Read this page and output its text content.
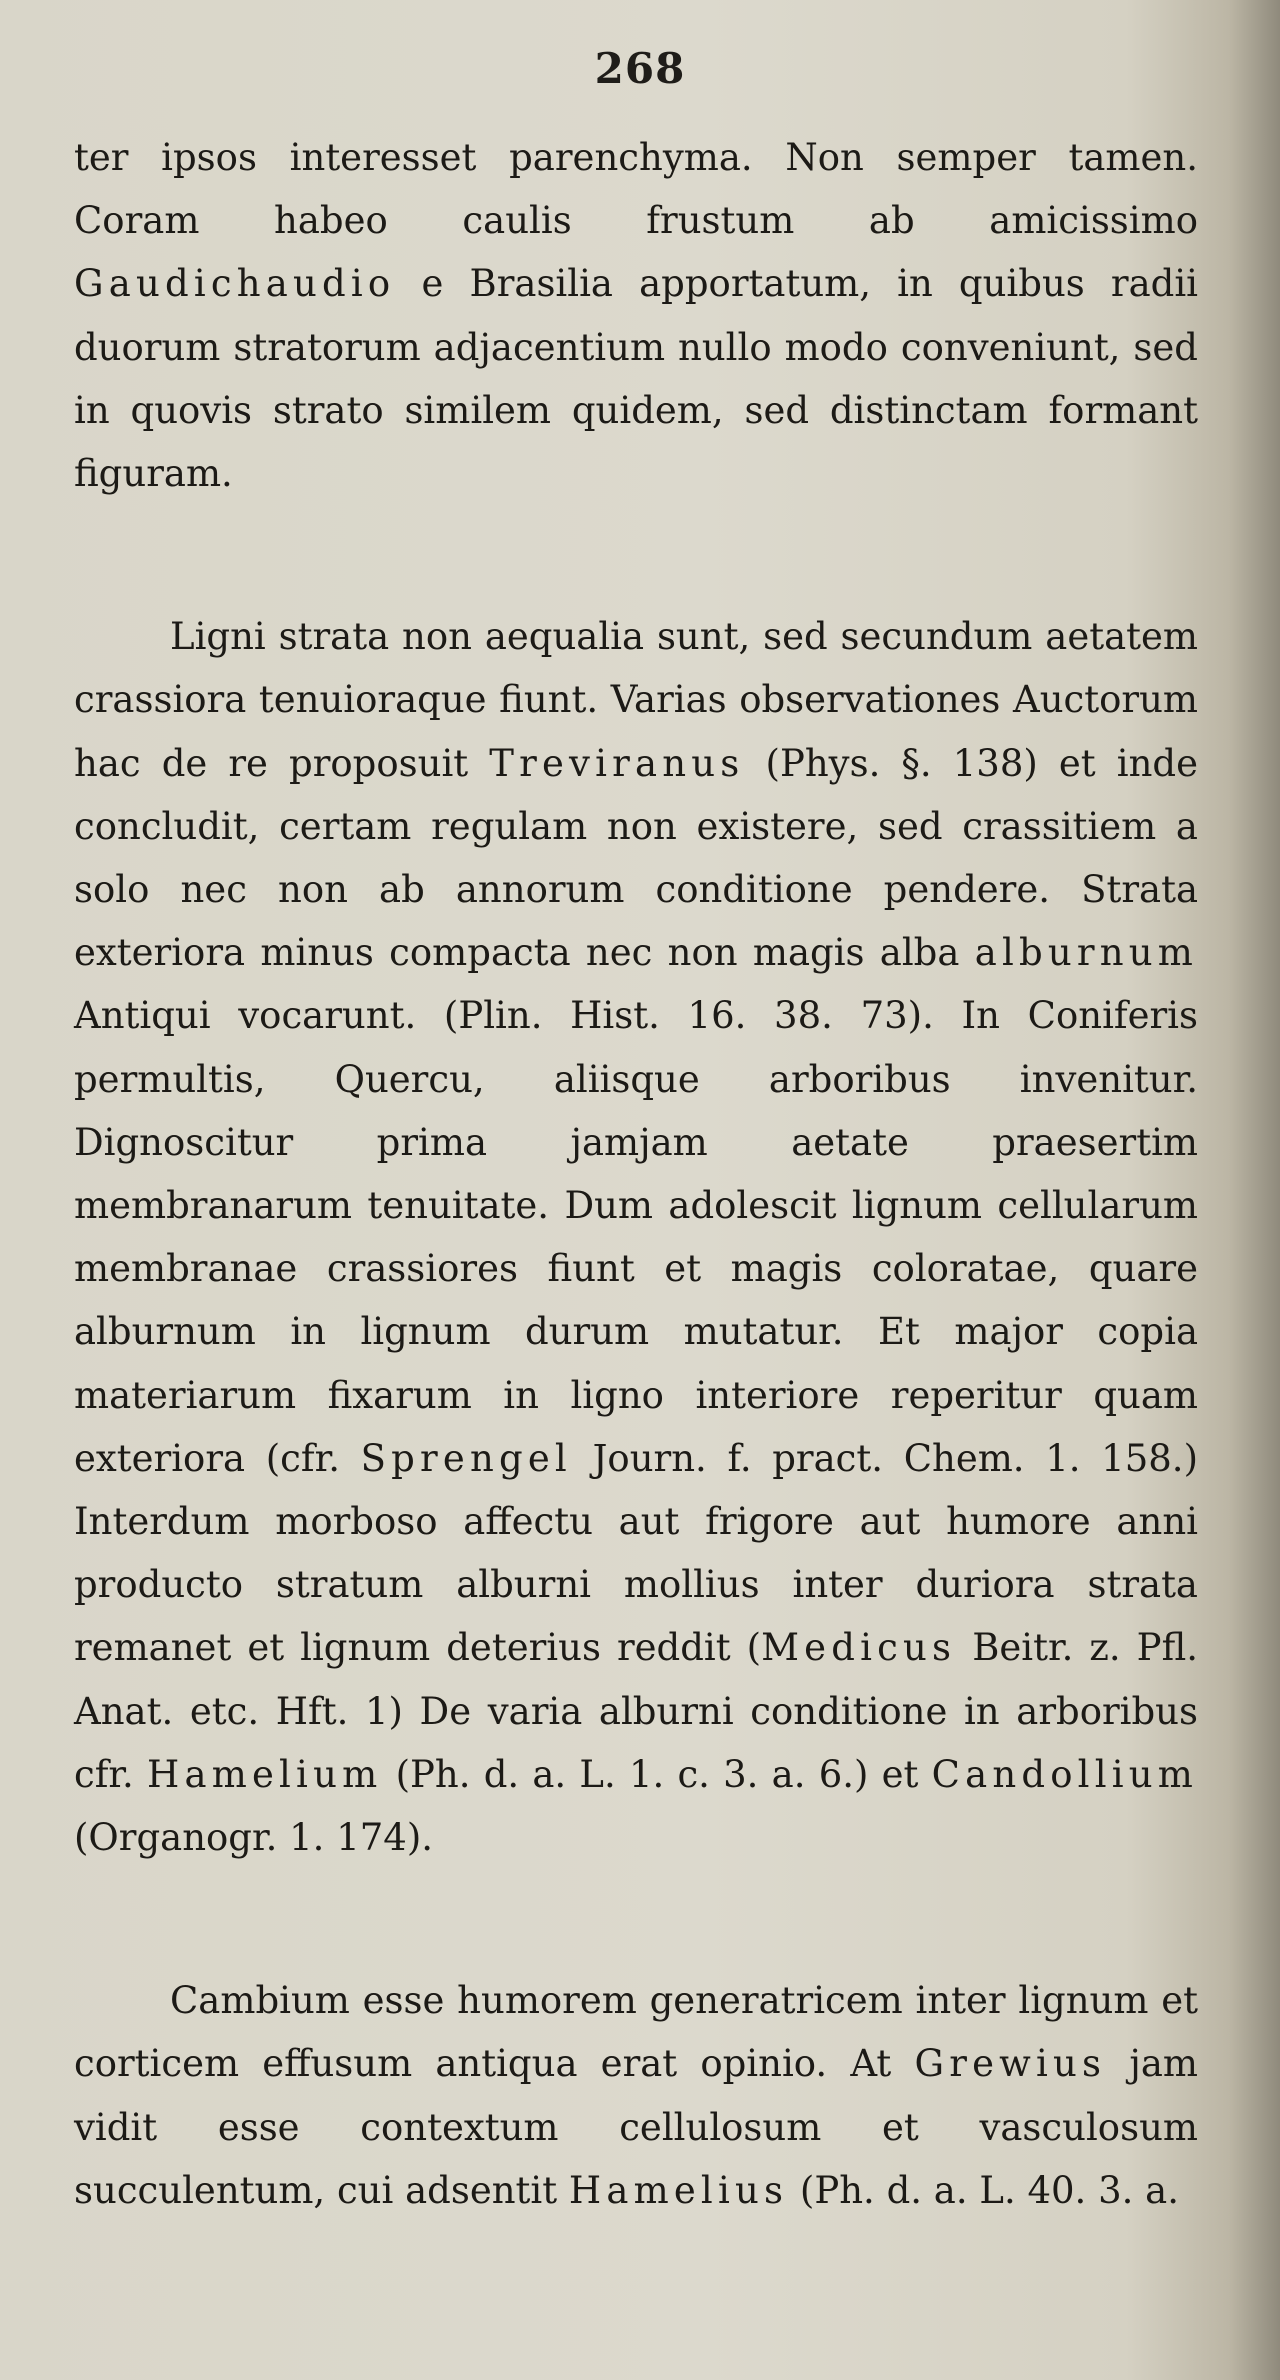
268

ter ipsos interesset parenchyma. Non semper tamen. Coram habeo caulis frustum ab amicissimo Gaudichaudio e Brasilia apportatum, in quibus radii duorum stratorum adjacentium nullo modo conveniunt, sed in quovis strato similem quidem, sed distinctam formant figuram.

Ligni strata non aequalia sunt, sed secundum aetatem crassiora tenuioraque fiunt. Varias observationes Auctorum hac de re proposuit Treviranus (Phys. §. 138) et inde concludit, certam regulam non existere, sed crassitiem a solo nec non ab annorum conditione pendere. Strata exteriora minus compacta nec non magis alba alburnum Antiqui vocarunt. (Plin. Hist. 16. 38. 73). In Coniferis permultis, Quercu, aliisque arboribus invenitur. Dignoscitur prima jamjam aetate praesertim membranarum tenuitate. Dum adolescit lignum cellularum membranae crassiores fiunt et magis coloratae, quare alburnum in lignum durum mutatur. Et major copia materiarum fixarum in ligno interiore reperitur quam exteriora (cfr. Sprengel Journ. f. pract. Chem. 1. 158.) Interdum morboso affectu aut frigore aut humore anni producto stratum alburni mollius inter duriora strata remanet et lignum deterius reddit (Medicus Beitr. z. Pfl. Anat. etc. Hft. 1) De varia alburni conditione in arboribus cfr. Hamelium (Ph. d. a. L. 1. c. 3. a. 6.) et Candollium (Organogr. 1. 174).

Cambium esse humorem generatricem inter lignum et corticem effusum antiqua erat opinio. At Grewius jam vidit esse contextum cellulosum et vasculosum succulentum, cui adsentit Hamelius (Ph. d. a. L. 40. 3. a.
